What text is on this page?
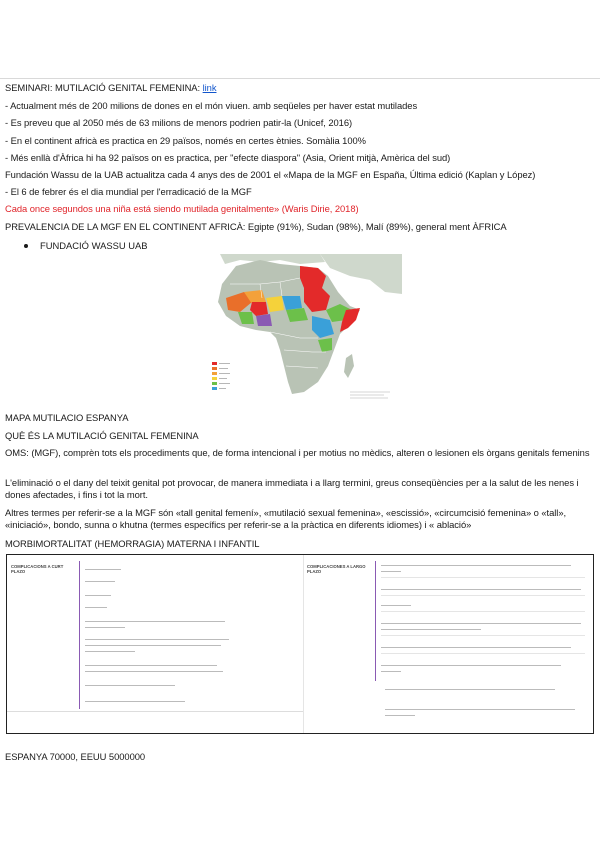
SEMINARI: MUTILACIÓ GENITAL FEMENINA: link
- Actualment més de 200 milions de dones en el món viuen. amb seqüeles per haver estat mutilades
- Es preveu que al 2050 més de 63 milions de menors podrien patir-la (Unicef, 2016)
- En el continent africà es practica en 29 països, només en certes ètnies. Somàlia 100%
- Més enllà d'Àfrica hi ha 92 països on es practica, per "efecte diaspora" (Asia, Orient mitjà, Amèrica del sud)
Fundación Wassu de la UAB actualitza cada 4 anys des de 2001 el «Mapa de la MGF en España, Última edició (Kaplan y López)
- El 6 de febrer és el dia mundial per l'erradicació de la MGF
Cada once segundos una niña está siendo mutilada genitalmente» (Waris Dirie, 2018)
PREVALENCIA DE LA MGF EN EL CONTINENT AFRICÀ: Egipte (91%), Sudan (98%), Malí (89%), general ment ÀFRICA
FUNDACIÓ WASSU UAB
MAPA MUTILACIO ESPANYA
QUÈ ÉS LA MUTILACIÓ GENITAL FEMENINA
OMS: (MGF), comprèn tots els procediments que, de forma intencional i per motius no mèdics, alteren o lesionen els òrgans genitals femenins
L'eliminació o el dany del teixit genital pot provocar, de manera immediata i a llarg termini, greus conseqüències per a la salut de les nenes i dones afectades, i fins i tot la mort.
Altres termes per referir-se a la MGF són «tall genital femení», «mutilació sexual femenina», «escissió», «circumcisió femenina» o «tall», «iniciació», bondo, sunna o khutna (termes específics per referir-se a la pràctica en diferents idiomes) i « ablació»
MORBIMORTALITAT (HEMORRAGIA) MATERNA I INFANTIL
COMPLICACIONS A CURT PLAZO
COMPLICACIONES A LARGO PLAZO
ESPANYA 70000, EEUU 5000000
